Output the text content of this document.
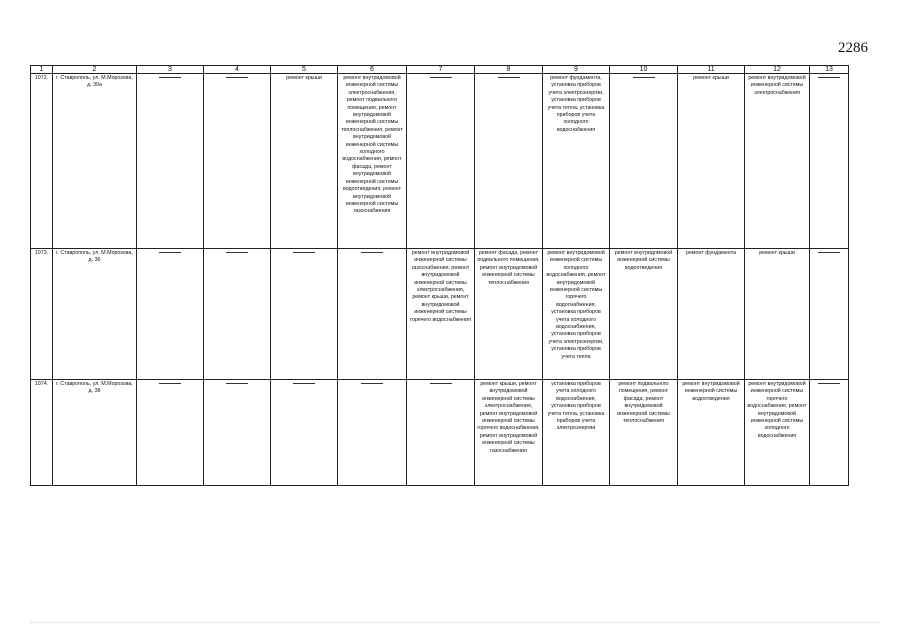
2286
1	2	3	4	5	6	7	8	9	10	11	12	13
1072.	г. Ставрополь, ул. М.Морозова, д. 30а			ремонт крыши	ремонт внутридомовой инженерной системы электроснабжения, ремонт подвального помещения, ремонт внутридомовой инженерной системы теплоснабжения, ремонт внутридомовой инженерной системы холодного водоснабжения, ремонт фасада, ремонт внутридомовой инженерной системы водоотведения, ремонт внутридомовой инженерной системы газоснабжения			ремонт фундамента, установка приборов учета электроэнергии, установка приборов учета тепла, установка приборов учета холодного водоснабжения		ремонт крыши	ремонт внутридомовой инженерной системы электроснабжения	

1073.	г. Ставрополь, ул. М.Морозова, д. 36					ремонт внутридомовой инженерной системы газоснабжения, ремонт внутридомовой инженерной системы электроснабжения, ремонт крыши, ремонт внутридомовой инженерной системы горячего водоснабжения	ремонт фасада, ремонт подвального помещения, ремонт внутридомовой инженерной системы теплоснабжения	ремонт внутридомовой инженерной системы холодного водоснабжения, ремонт внутридомовой инженерной системы горячего водоснабжения, установка приборов учета холодного водоснабжения, установка приборов учета электроэнергии, установка приборов учета тепла	ремонт внутридомовой инженерной системы водоотведения	ремонт фундамента	ремонт крыши	

1074.	г. Ставрополь, ул. М.Морозова, д. 38						ремонт крыши, ремонт внутридомовой инженерной системы электроснабжения, ремонт внутридомовой инженерной системы горячего водоснабжения, ремонт внутридомовой инженерной системы газоснабжения	установка приборов учета холодного водоснабжения, установка приборов учета тепла, установка приборов учета электроэнергии	ремонт подвального помещения, ремонт фасада, ремонт внутридомовой инженерной системы теплоснабжения	ремонт внутридомовой инженерной системы водоотведения	ремонт внутридомовой инженерной системы горячего водоснабжения, ремонт внутридомовой инженерной системы холодного водоснабжения	
